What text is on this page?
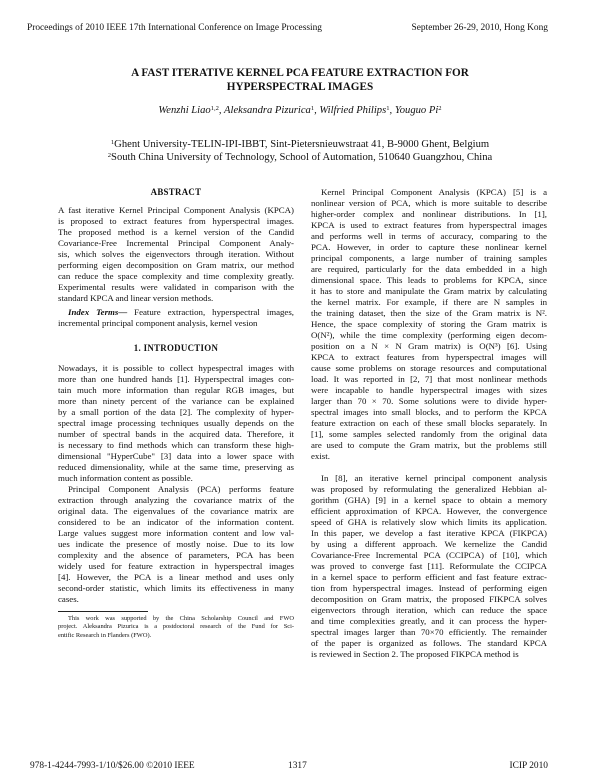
Proceedings of 2010 IEEE 17th International Conference on Image Processing	September 26-29, 2010, Hong Kong
A FAST ITERATIVE KERNEL PCA FEATURE EXTRACTION FOR
HYPERSPECTRAL IMAGES
Wenzhi Liao$^{1,2}$, Aleksandra Pizurica$^1$, Wilfried Philips$^1$, Youguo Pi$^2$
$^1$Ghent University-TELIN-IPI-IBBT, Sint-Pietersnieuwstraat 41, B-9000 Ghent, Belgium
$^2$South China University of Technology, School of Automation, 510640 Guangzhou, China
ABSTRACT
A fast iterative Kernel Principal Component Analysis (KPCA)
is proposed to extract features from hyperspectral images.
The proposed method is a kernel version of the Candid
Covariance-Free Incremental Principal Component Analy-
sis, which solves the eigenvectors through iteration. Without
performing eigen decomposition on Gram matrix, our method
can reduce the space complexity and time complexity greatly.
Experimental results were validated in comparison with the
standard KPCA and linear version methods.
Index Terms— Feature extraction, hyperspectral images,
incremental principal component analysis, kernel vesion
1. INTRODUCTION
Nowadays, it is possible to collect hypespectral images with
more than one hundred hands [1]. Hyperspectral images con-
tain much more information than regular RGB images, but
more than ninety percent of the variance can be explained
by a small portion of the data [2]. The complexity of hyper-
spectral image processing techniques usually depends on the
number of spectral bands in the acquired data. Therefore, it
is necessary to find methods which can transform these high-
dimensional "HyperCube" [3] data into a lower space with
reduced dimensionality, while at the same time, preserving as
much information content as possible.
Principal Component Analysis (PCA) performs feature
extraction through analyzing the covariance matrix of the
original data. The eigenvalues of the covariance matrix are
considered to be an indicator of the information content.
Large values suggest more information content and low val-
ues indicate the presence of mostly noise. Due to its low
complexity and the absence of parameters, PCA has been
widely used for feature extraction in hyperspectral images
[4]. However, the PCA is a linear method and uses only
second-order statistic, which limits its effectiveness in many
cases.
This work was supported by the China Scholarship Council and FWO
project. Aleksandra Pizurica is a postdoctoral research of the Fund for Sci-
entific Research in Flanders (FWO).
Kernel Principal Component Analysis (KPCA) [5] is a
nonlinear version of PCA, which is more suitable to describe
higher-order complex and nonlinear distributions. In [1],
KPCA is used to extract features from hyperspectral images
and performs well in terms of accuracy, comparing to the
PCA. However, in order to capture these nonlinear kernel
principal components, a large number of training samples
are required, particularly for the data embedded in a high
dimensional space. This leads to problems for KPCA, since
it has to store and manipulate the Gram matrix by calculating
the kernel matrix. For example, if there are N samples in
the training dataset, then the size of the Gram matrix is N².
Hence, the space complexity of storing the Gram matrix is
O(N²), while the time complexity (performing eigen decom-
position on a N × N Gram matrix) is O(N³) [6]. Using
KPCA to extract features from hyperspectral images will
cause some problems on storage resources and computational
load. It was reported in [2, 7] that most nonlinear methods
were incapable to handle hyperspectral images with sizes
larger than 70 × 70. Some solutions were to divide hyper-
spectral images into small blocks, and to perform the KPCA
feature extraction on each of these small blocks separately. In
[1], some samples selected randomly from the original data
are used to compute the Gram matrix, but the problems still
exist.
In [8], an iterative kernel principal component analysis
was proposed by reformulating the generalized Hebbian al-
gorithm (GHA) [9] in a kernel space to obtain a memory
efficient approximation of KPCA. However, the convergence
speed of GHA is relatively slow which limits its application.
In this paper, we develop a fast iterative KPCA (FIKPCA)
by using a different approach. We kernelize the Candid
Covariance-Free Incremental PCA (CCIPCA) of [10], which
was proved to converge fast [11]. Reformulate the CCIPCA
in a kernel space to perform efficient and fast feature extrac-
tion from hyperspectral images. Instead of performing eigen
decomposition on Gram matrix, the proposed FIKPCA solves
eigenvectors through iteration, which can reduce the space
and time complexities greatly, and it can process the hyper-
spectral images larger than 70×70 efficiently. The remainder
of the paper is organized as follows. The standard KPCA
is reviewed in Section 2. The proposed FIKPCA method is
978-1-4244-7993-1/10/$26.00 ©2010 IEEE	1317	ICIP 2010
